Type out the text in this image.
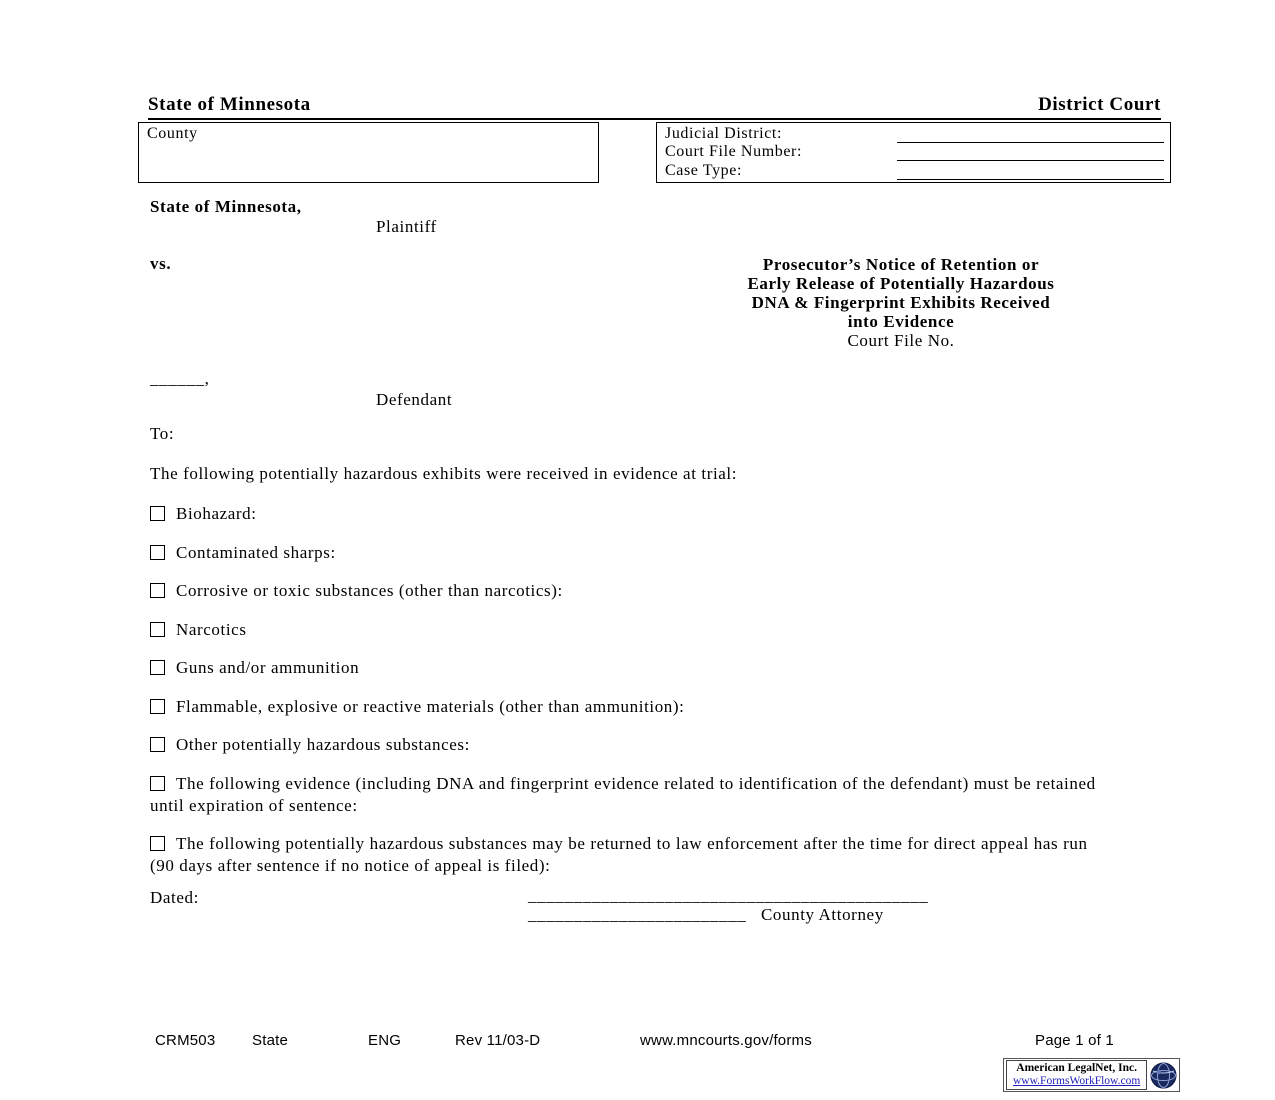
State of Minnesota	District Court
County	Judicial District:
Court File Number:
Case Type:
State of Minnesota,
Plaintiff
vs.	Prosecutor’s Notice of Retention or
Early Release of Potentially Hazardous
DNA & Fingerprint Exhibits Received
into Evidence
Court File No.
______,
Defendant
To:
The following potentially hazardous exhibits were received in evidence at trial:

Biohazard:

Contaminated sharps:

Corrosive or toxic substances (other than narcotics):

Narcotics

Guns and/or ammunition

Flammable, explosive or reactive materials (other than ammunition):

Other potentially hazardous substances:

The following evidence (including DNA and fingerprint evidence related to identification of the defendant) must be retained until expiration of sentence:

The following potentially hazardous substances may be returned to law enforcement after the time for direct appeal has run (90 days after sentence if no notice of appeal is filed):

Dated:	____________________________________________
________________________ County Attorney
CRM503 State	ENG	Rev 11/03-D	www.mncourts.gov/forms	Page 1 of 1
American LegalNet, Inc.
www.FormsWorkFlow.com
